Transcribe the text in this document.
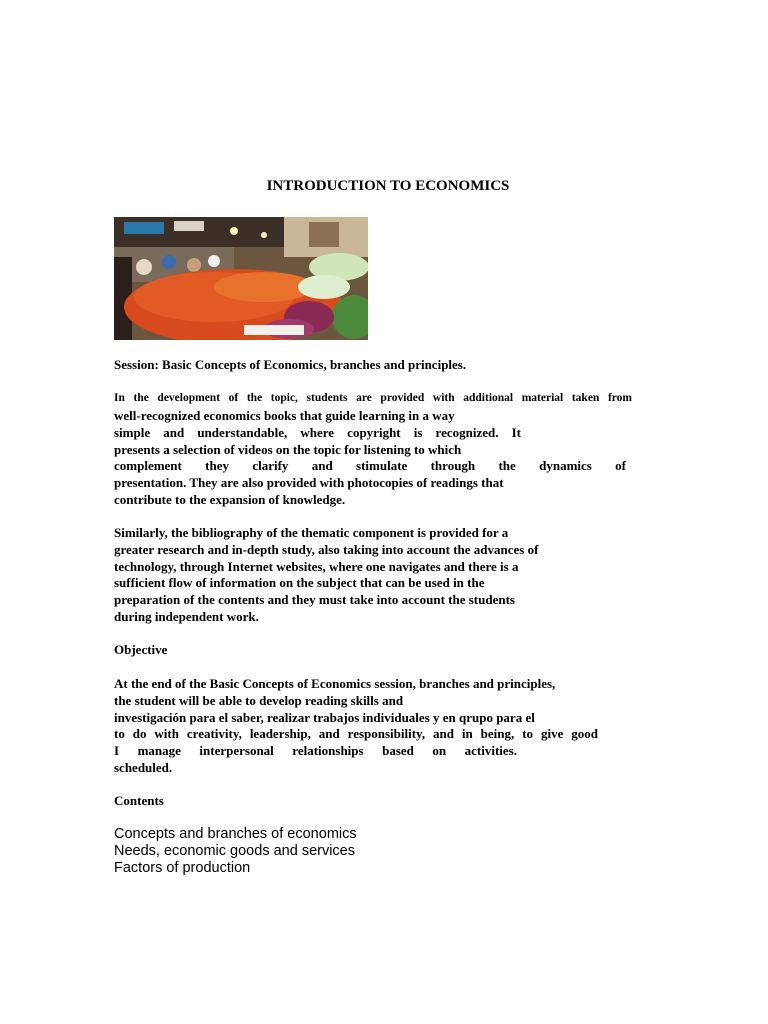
INTRODUCTION TO ECONOMICS
Session: Basic Concepts of Economics, branches and principles.
In the development of the topic, students are provided with additional material taken from
well-recognized economics books that guide learning in a way
simple and understandable, where copyright is recognized. It
presents a selection of videos on the topic for listening to which
complement they clarify and stimulate through the dynamics of
presentation. They are also provided with photocopies of readings that
contribute to the expansion of knowledge.
Similarly, the bibliography of the thematic component is provided for a
greater research and in-depth study, also taking into account the advances of
technology, through Internet websites, where one navigates and there is a
sufficient flow of information on the subject that can be used in the
preparation of the contents and they must take into account the students
during independent work.
Objective
At the end of the Basic Concepts of Economics session, branches and principles,
the student will be able to develop reading skills and
investigación para el saber, realizar trabajos individuales y en qrupo para el
to do with creativity, leadership, and responsibility, and in being, to give good
I manage interpersonal relationships based on activities.
scheduled.
Contents
Concepts and branches of economics
Needs, economic goods and services
Factors of production
